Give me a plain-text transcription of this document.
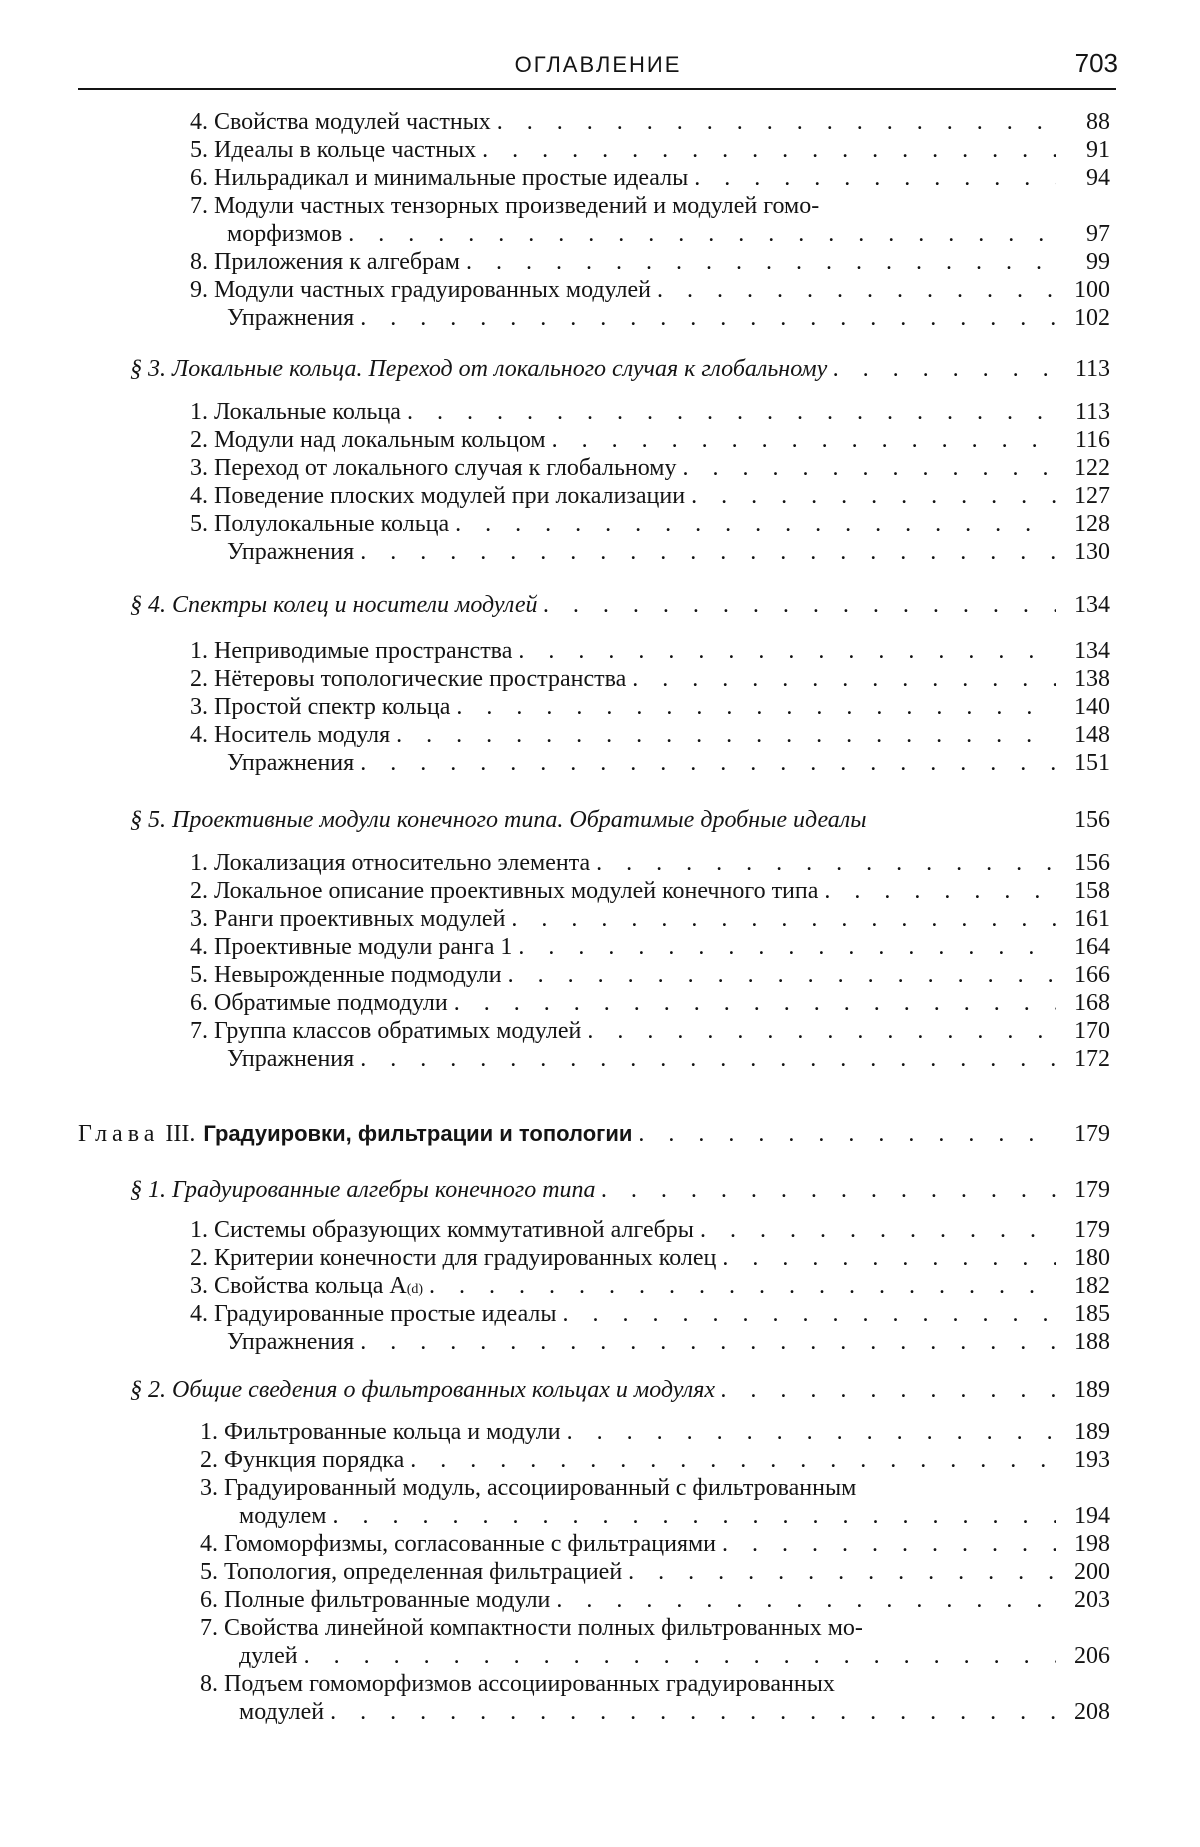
ОГЛАВЛЕНИЕ	703
4. Свойства модулей частных
. . .	88
5. Идеалы в кольце частных
. . .	91
6. Нильрадикал и минимальные простые идеалы
. . .	94
7. Модули частных тензорных произведений и модулей гомо-
морфизмов
. . .	97
8. Приложения к алгебрам
. . .	99
9. Модули частных градуированных модулей
. . .	100
Упражнения
. . .	102
§ 3. Локальные кольца. Переход от локального случая к глобальному
. . .	113
1. Локальные кольца
. . .	113
2. Модули над локальным кольцом
. . .	116
3. Переход от локального случая к глобальному
. . .	122
4. Поведение плоских модулей при локализации
. . .	127
5. Полулокальные кольца
. . .	128
Упражнения
. . .	130
§ 4. Спектры колец и носители модулей
. . .	134
1. Неприводимые пространства
. . .	134
2. Нётеровы топологические пространства
. . .	138
3. Простой спектр кольца
. . .	140
4. Носитель модуля
. . .	148
Упражнения
. . .	151
§ 5. Проективные модули конечного типа. Обратимые дробные идеалы	156
1. Локализация относительно элемента
. . .	156
2. Локальное описание проективных модулей конечного типа
. . .	158
3. Ранги проективных модулей
. . .	161
4. Проективные модули ранга 1
. . .	164
5. Невырожденные подмодули
. . .	166
6. Обратимые подмодули
. . .	168
7. Группа классов обратимых модулей
. . .	170
Упражнения
. . .	172
Глава III. Градуировки, фильтрации и топологии
. . .	179
§ 1. Градуированные алгебры конечного типа
. . .	179
1. Системы образующих коммутативной алгебры
. . .	179
2. Критерии конечности для градуированных колец
. . .	180
3. Свойства кольца A (d)
. . .	182
4. Градуированные простые идеалы
. . .	185
Упражнения
. . .	188
§ 2. Общие сведения о фильтрованных кольцах и модулях
. . .	189
1. Фильтрованные кольца и модули
. . .	189
2. Функция порядка
. . .	193
3. Градуированный модуль, ассоциированный с фильтрованным
модулем
. . .	194
4. Гомоморфизмы, согласованные с фильтрациями
. . .	198
5. Топология, определенная фильтрацией
. . .	200
6. Полные фильтрованные модули
. . .	203
7. Свойства линейной компактности полных фильтрованных мо-
дулей
. . .	206
8. Подъем гомоморфизмов ассоциированных градуированных
модулей
. . .	208
